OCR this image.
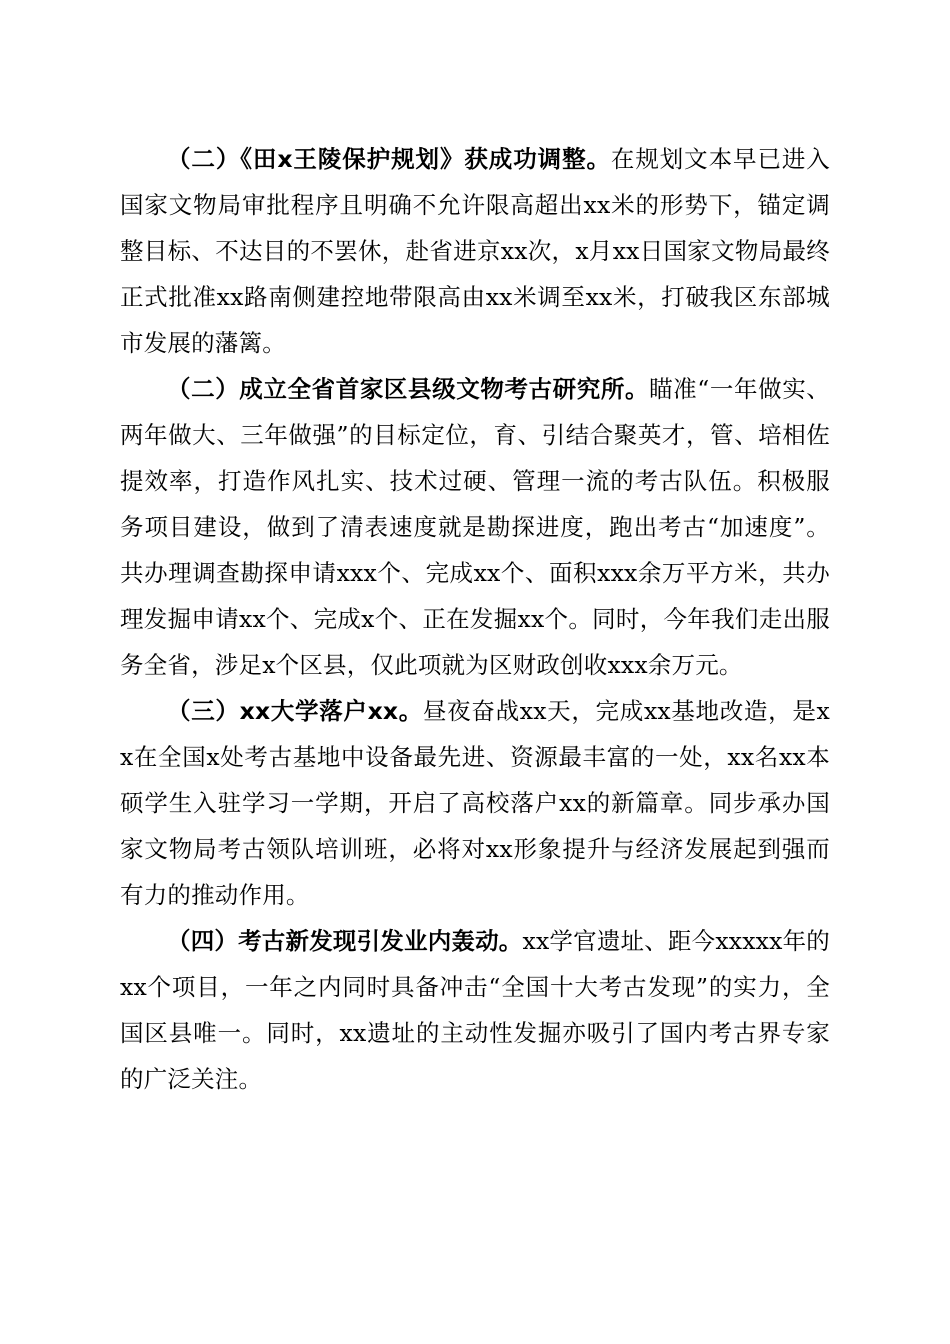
（二）《田x王陵保护规划》获成功调整。在规划文本早已进入国家文物局审批程序且明确不允许限高超出xx米的形势下，锚定调整目标、不达目的不罢休，赴省进京xx次，x月xx日国家文物局最终正式批准xx路南侧建控地带限高由xx米调至xx米，打破我区东部城市发展的藩篱。

（二）成立全省首家区县级文物考古研究所。瞄准“一年做实、两年做大、三年做强”的目标定位，育、引结合聚英才，管、培相佐提效率，打造作风扎实、技术过硬、管理一流的考古队伍。积极服务项目建设，做到了清表速度就是勘探进度，跑出考古“加速度”。共办理调查勘探申请xxx个、完成xx个、面积xxx余万平方米，共办理发掘申请xx个、完成x个、正在发掘xx个。同时，今年我们走出服务全省，涉足x个区县，仅此项就为区财政创收xxx余万元。

（三）xx大学落户xx。昼夜奋战xx天，完成xx基地改造，是xx在全国x处考古基地中设备最先进、资源最丰富的一处，xx名xx本硕学生入驻学习一学期，开启了高校落户xx的新篇章。同步承办国家文物局考古领队培训班，必将对xx形象提升与经济发展起到强而有力的推动作用。

（四）考古新发现引发业内轰动。xx学官遗址、距今xxxxx年的xx个项目，一年之内同时具备冲击“全国十大考古发现”的实力，全国区县唯一。同时，xx遗址的主动性发掘亦吸引了国内考古界专家的广泛关注。
